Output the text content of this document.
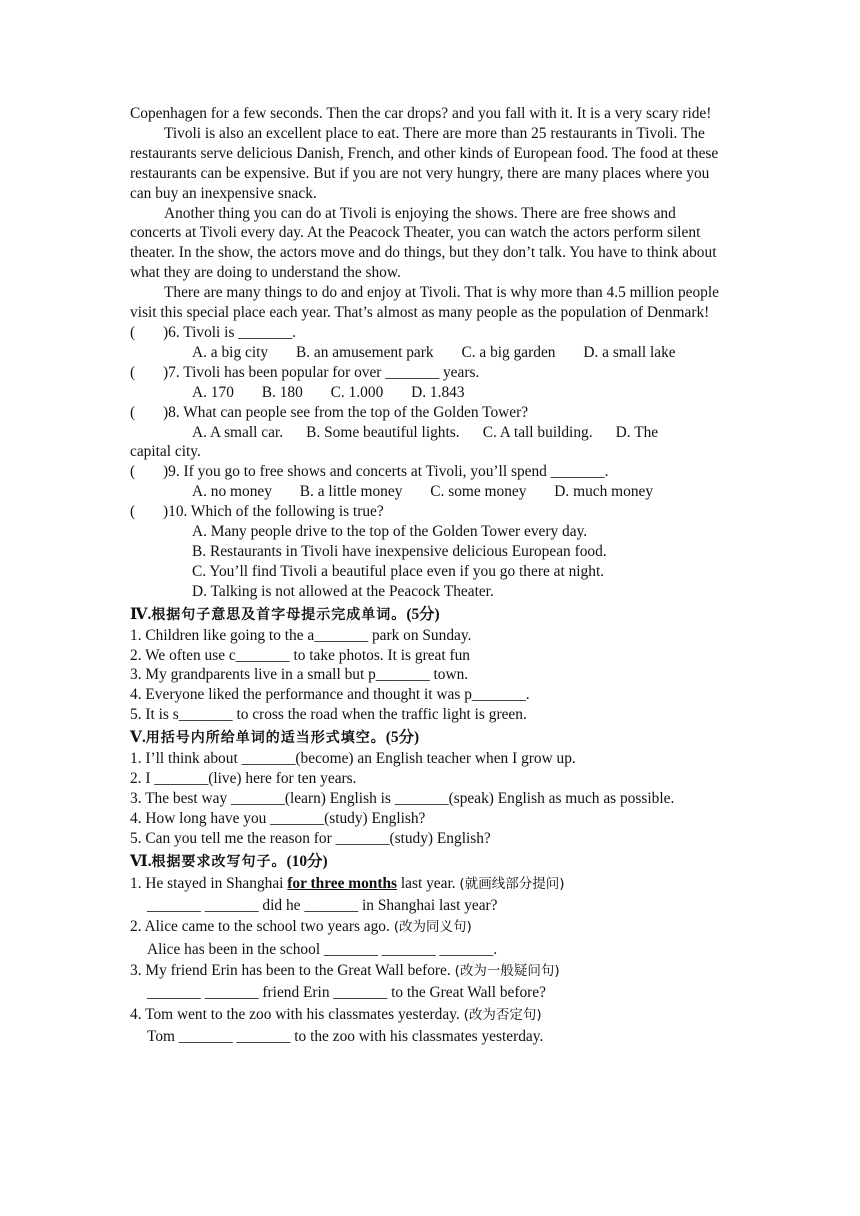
Copenhagen for a few seconds. Then the car drops? and you fall with it. It is a very scary ride!

Tivoli is also an excellent place to eat. There are more than 25 restaurants in Tivoli. The restaurants serve delicious Danish, French, and other kinds of European food. The food at these restaurants can be expensive. But if you are not very hungry, there are many places where you can buy an inexpensive snack.

Another thing you can do at Tivoli is enjoying the shows. There are free shows and concerts at Tivoli every day. At the Peacock Theater, you can watch the actors perform silent theater. In the show, the actors move and do things, but they don’t talk. You have to think about what they are doing to understand the show.

There are many things to do and enjoy at Tivoli. That is why more than 4.5 million people visit this special place each year. That’s almost as many people as the population of Denmark!

(	)6. Tivoli is _______.
A. a big city B. an amusement park C. a big garden D. a small lake
(	)7. Tivoli has been popular for over _______ years.
A. 170 B. 180 C. 1.000 D. 1.843
(	)8. What can people see from the top of the Golden Tower?
A. A small car.      B. Some beautiful lights.      C. A tall building.      D. The

capital city.

(	)9. If you go to free shows and concerts at Tivoli, you’ll spend _______.
A. no money B. a little money C. some money D. much money
(	)10. Which of the following is true?

A. Many people drive to the top of the Golden Tower every day.

B. Restaurants in Tivoli have inexpensive delicious European food.

C. You’ll find Tivoli a beautiful place even if you go there at night.

D. Talking is not allowed at the Peacock Theater.

Ⅳ.根据句子意思及首字母提示完成单词。(5分)

1. Children like going to the a_______ park on Sunday.

2. We often use c_______ to take photos. It is great fun

3. My grandparents live in a small but p_______ town.

4. Everyone liked the performance and thought it was p_______.

5. It is s_______ to cross the road when the traffic light is green.

Ⅴ.用括号内所给单词的适当形式填空。(5分)

1. I’ll think about _______(become) an English teacher when I grow up.

2. I _______(live) here for ten years.

3. The best way _______(learn) English is _______(speak) English as much as possible.

4. How long have you _______(study) English?

5. Can you tell me the reason for _______(study) English?

Ⅵ.根据要求改写句子。(10分)

1. He stayed in Shanghai for three months last year. (就画线部分提问)

_______ _______ did he _______ in Shanghai last year?

2. Alice came to the school two years ago. (改为同义句)

Alice has been in the school _______ _______ _______.

3. My friend Erin has been to the Great Wall before. (改为一般疑问句)

_______ _______ friend Erin _______ to the Great Wall before?

4. Tom went to the zoo with his classmates yesterday. (改为否定句)

Tom _______ _______ to the zoo with his classmates yesterday.
